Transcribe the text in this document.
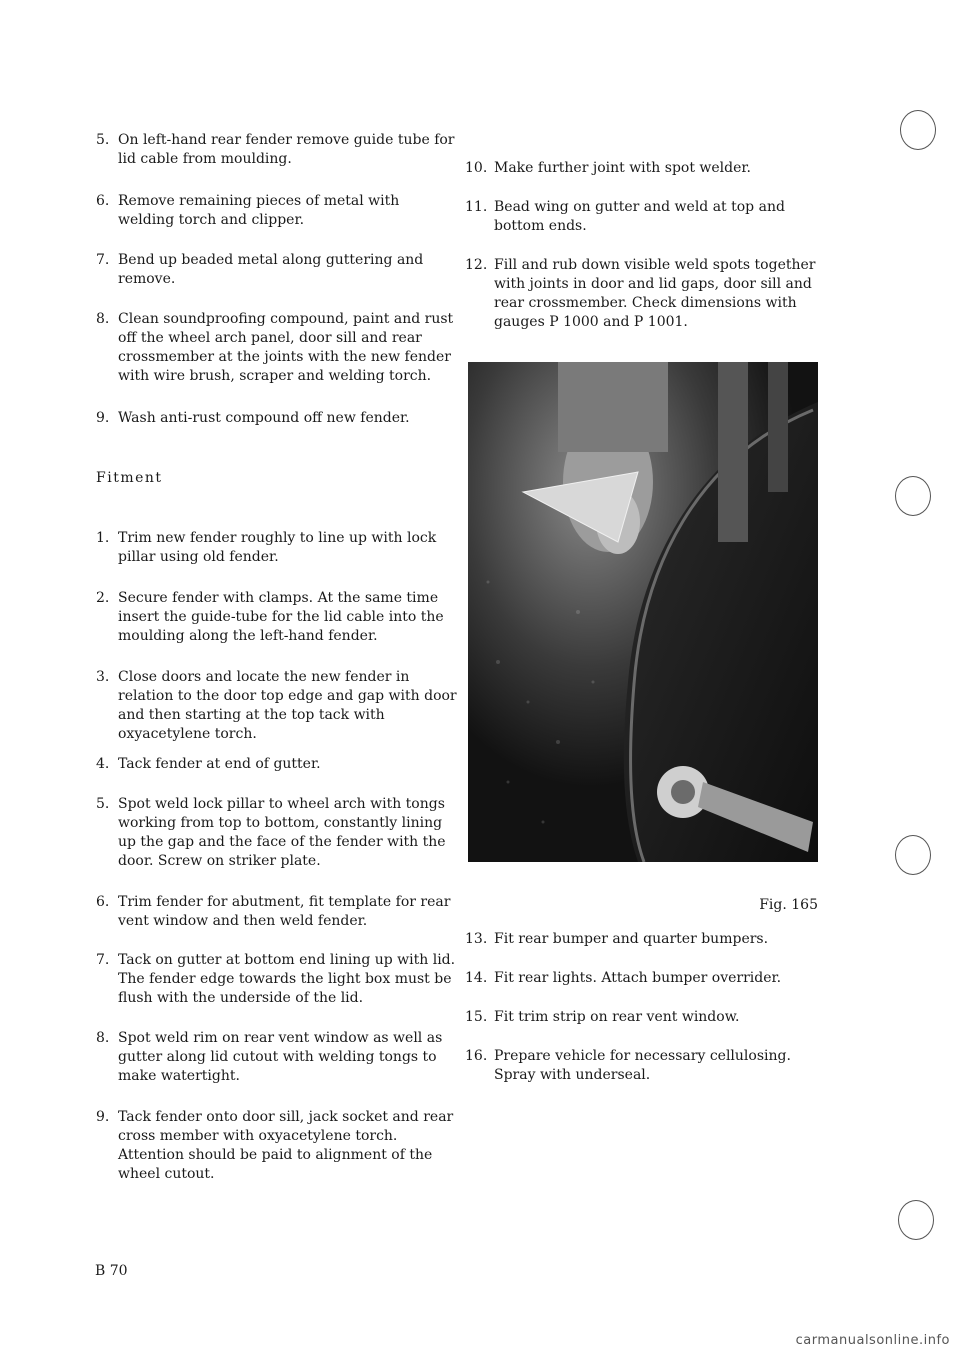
5. On left-hand rear fender remove guide tube for lid cable from moulding.
6. Remove remaining pieces of metal with welding torch and clipper.
7. Bend up beaded metal along guttering and remove.
8. Clean soundproofing compound, paint and rust off the wheel arch panel, door sill and rear crossmember at the joints with the new fender with wire brush, scraper and welding torch.
9. Wash anti-rust compound off new fender.
Fitment
1. Trim new fender roughly to line up with lock pillar using old fender.
2. Secure fender with clamps. At the same time insert the guide-tube for the lid cable into the moulding along the left-hand fender.
3. Close doors and locate the new fender in relation to the door top edge and gap with door and then starting at the top tack with oxyacetylene torch.
4. Tack fender at end of gutter.
5. Spot weld lock pillar to wheel arch with tongs working from top to bottom, constantly lining up the gap and the face of the fender with the door. Screw on striker plate.
6. Trim fender for abutment, fit template for rear vent window and then weld fender.
7. Tack on gutter at bottom end lining up with lid. The fender edge towards the light box must be flush with the underside of the lid.
8. Spot weld rim on rear vent window as well as gutter along lid cutout with welding tongs to make watertight.
9. Tack fender onto door sill, jack socket and rear cross member with oxyacetylene torch. Attention should be paid to alignment of the wheel cutout.
10. Make further joint with spot welder.
11. Bead wing on gutter and weld at top and bottom ends.
12. Fill and rub down visible weld spots together with joints in door and lid gaps, door sill and rear crossmember. Check dimensions with gauges P 1000 and P 1001.
13. Fit rear bumper and quarter bumpers.
14. Fit rear lights. Attach bumper overrider.
15. Fit trim strip on rear vent window.
16. Prepare vehicle for necessary cellulosing. Spray with underseal.
Fig. 165
B 70
carmanualsonline.info
